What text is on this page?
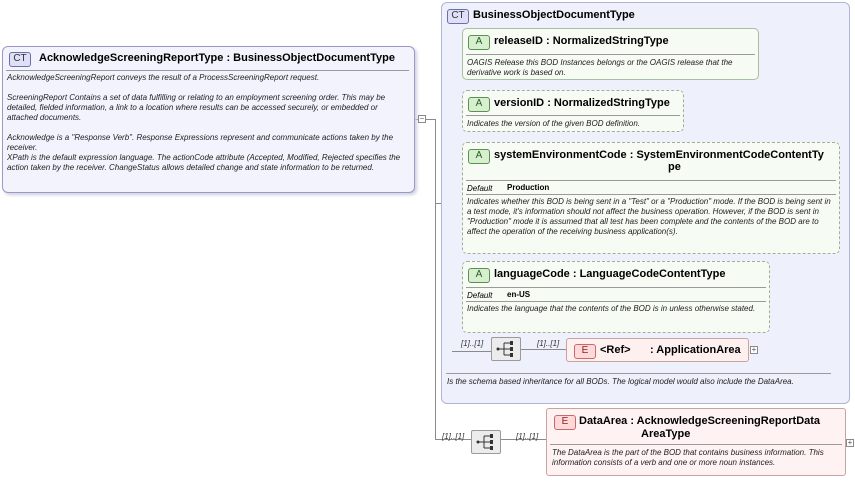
CT	AcknowledgeScreeningReportType : BusinessObjectDocumentType
AcknowledgeScreeningReport conveys the result of a ProcessScreeningReport request.
ScreeningReport Contains a set of data fulfilling or relating to an employment screening order. This may be detailed, fielded information, a link to a location where results can be accessed securely, or embedded or attached documents.
Acknowledge is a "Response Verb". Response Expressions represent and communicate actions taken by the receiver.
XPath is the default expression language. The actionCode attribute (Accepted, Modified, Rejected specifies the action taken by the receiver. ChangeStatus allows detailed change and state information to be returned.
−
CT BusinessObjectDocumentType
A	releaseID : NormalizedStringType
OAGIS Release this BOD Instances belongs or the OAGIS release that the derivative work is based on.
A	versionID : NormalizedStringType
Indicates the version of the given BOD definition.
A	systemEnvironmentCode : SystemEnvironmentCodeContentTy
pe
Default Production
Indicates whether this BOD is being sent in a "Test" or a "Production" mode. If the BOD is being sent in a test mode, it's information should not affect the business operation. However, if the BOD is sent in "Production" mode it is assumed that all test has been complete and the contents of the BOD are to affect the operation of the receiving business application(s).
A	languageCode : LanguageCodeContentType
Default en-US
Indicates the language that the contents of the BOD is in unless otherwise stated.
[1]..[1]	[1]..[1]
E	<Ref> : ApplicationArea +
Is the schema based inheritance for all BODs. The logical model would also include the DataArea.
[1]..[1]	[1]..[1]
E DataArea : AcknowledgeScreeningReportData
AreaType
The DataArea is the part of the BOD that contains business information. This information consists of a verb and one or more noun instances.
+
